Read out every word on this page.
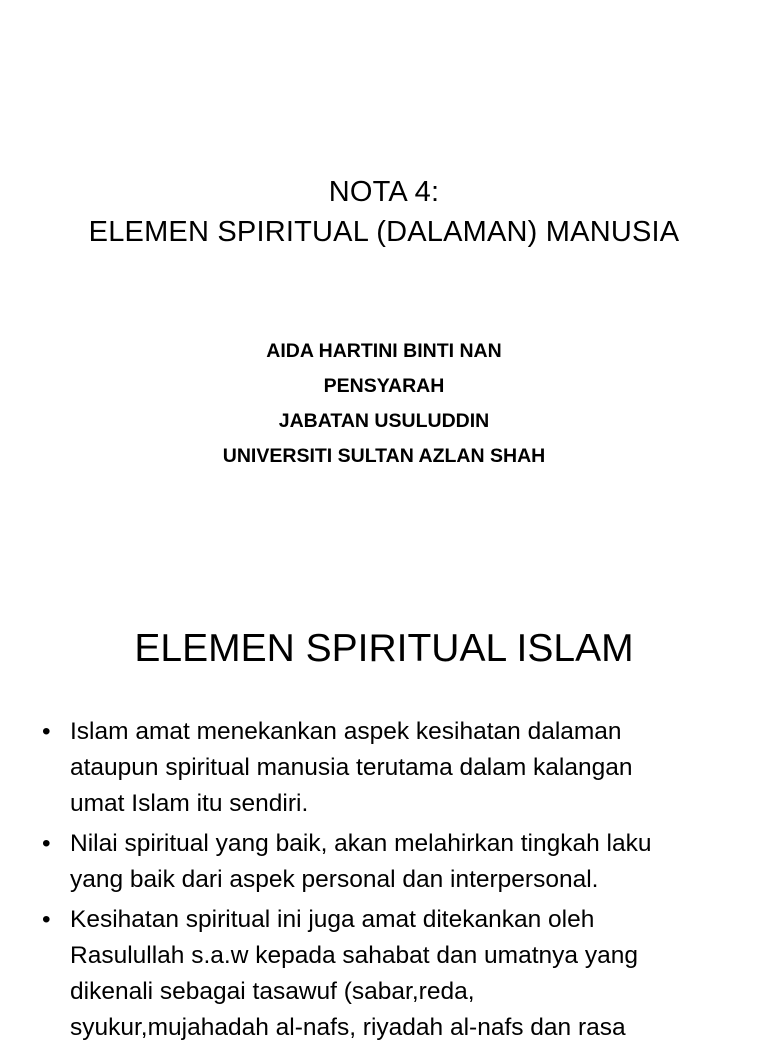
NOTA 4:
ELEMEN SPIRITUAL (DALAMAN) MANUSIA
AIDA HARTINI BINTI NAN
PENSYARAH
JABATAN USULUDDIN
UNIVERSITI SULTAN AZLAN SHAH
ELEMEN SPIRITUAL ISLAM
• Islam amat menekankan aspek kesihatan dalaman
ataupun spiritual manusia terutama dalam kalangan
umat Islam itu sendiri.
• Nilai spiritual yang baik, akan melahirkan tingkah laku
yang baik dari aspek personal dan interpersonal.
• Kesihatan spiritual ini juga amat ditekankan oleh
Rasulullah s.a.w kepada sahabat dan umatnya yang
dikenali sebagai tasawuf (sabar,reda,
syukur,mujahadah al-nafs, riyadah al-nafs dan rasa
